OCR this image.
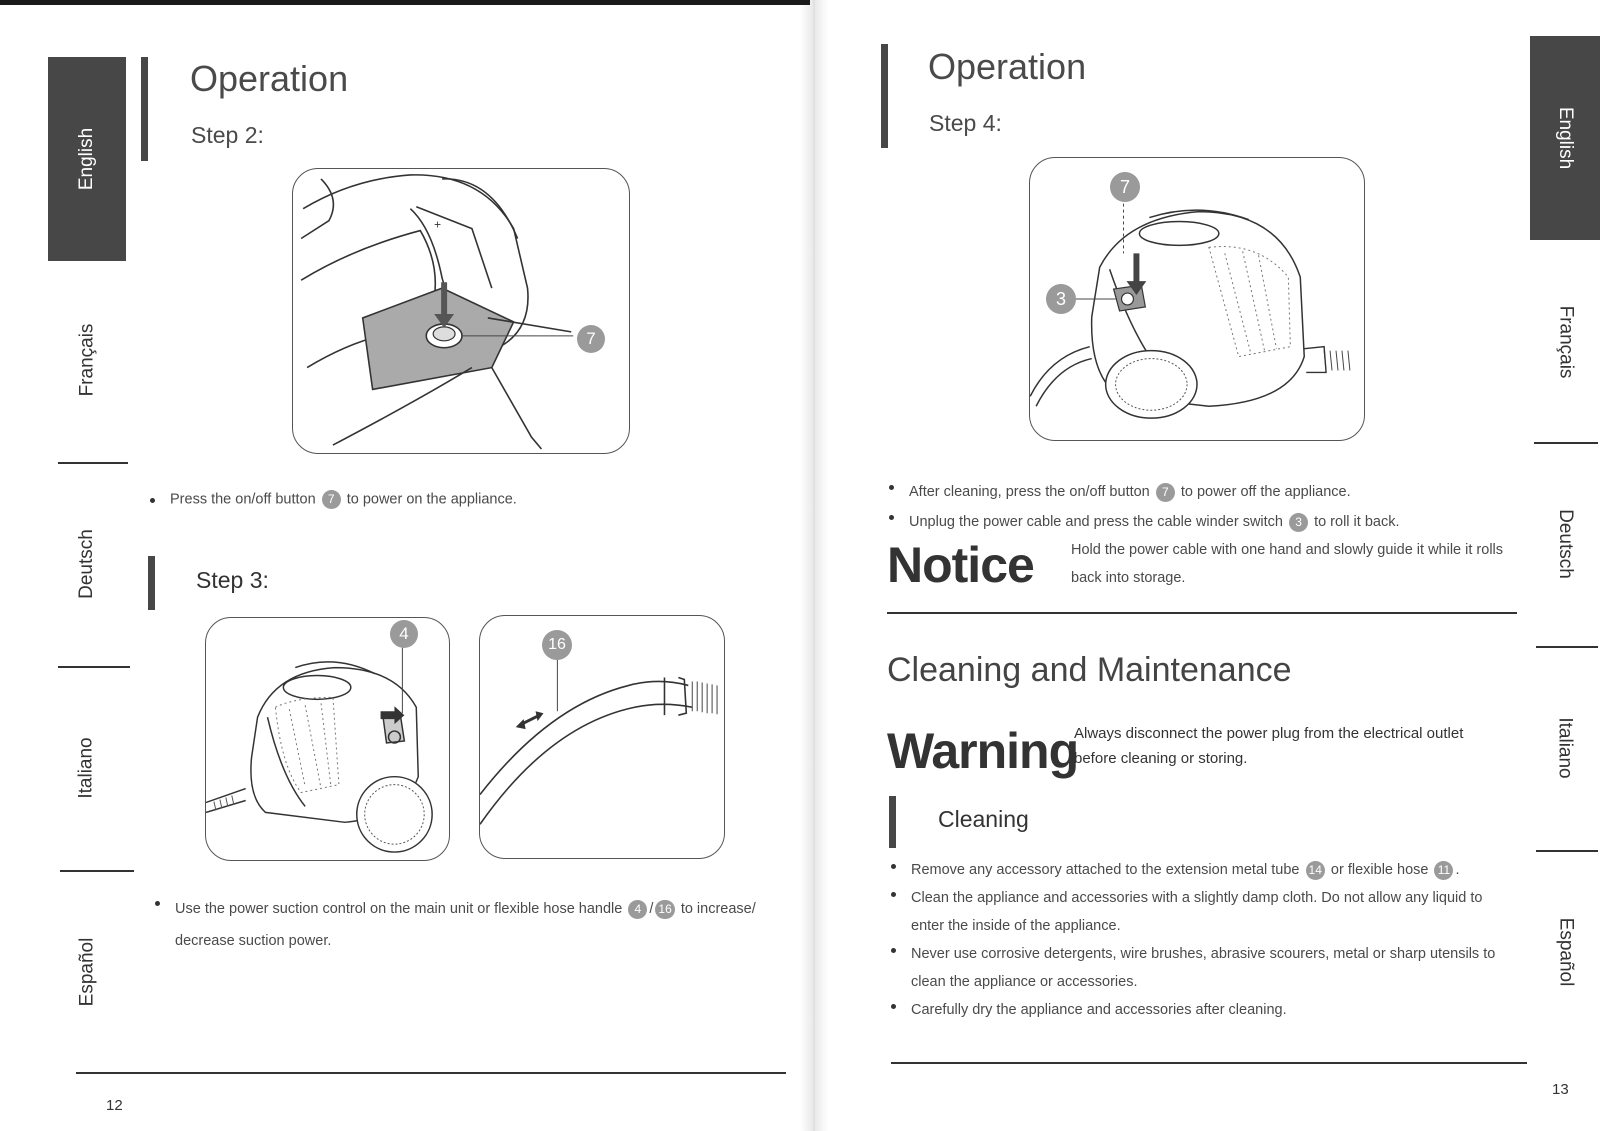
English
Français
Deutsch
Italiano
Español
Operation
Step 2:
+
7
Press the on/off button 7 to power on the appliance.
Step 3:
4
16
Use the power suction control on the main unit or flexible hose handle 4 / 16 to increase/ decrease suction power.
12
English
Français
Deutsch
Italiano
Español
Operation
Step 4:
7
3
After cleaning, press the on/off button 7 to power off the appliance.
Unplug the power cable and press the cable winder switch 3 to roll it back.
Notice	Hold the power cable with one hand and slowly guide it while it rolls back into storage.
Cleaning and Maintenance
Warning
Always disconnect the power plug from the electrical outlet before cleaning or storing.
Cleaning
Remove any accessory attached to the extension metal tube 14 or flexible hose 11 .
Clean the appliance and accessories with a slightly damp cloth. Do not allow any liquid to enter the inside of the appliance.
Never use corrosive detergents, wire brushes, abrasive scourers, metal or sharp utensils to clean the appliance or accessories.
Carefully dry the appliance and accessories after cleaning.
13
